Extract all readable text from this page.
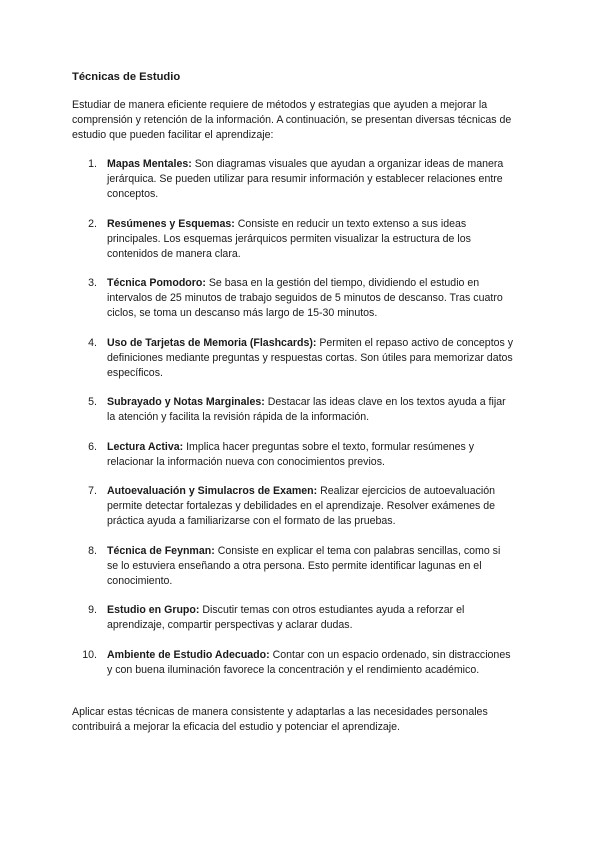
Técnicas de Estudio

Estudiar de manera eficiente requiere de métodos y estrategias que ayuden a mejorar la comprensión y retención de la información. A continuación, se presentan diversas técnicas de estudio que pueden facilitar el aprendizaje:

1. Mapas Mentales: Son diagramas visuales que ayudan a organizar ideas de manera jerárquica. Se pueden utilizar para resumir información y establecer relaciones entre conceptos.
2. Resúmenes y Esquemas: Consiste en reducir un texto extenso a sus ideas principales. Los esquemas jerárquicos permiten visualizar la estructura de los contenidos de manera clara.
3. Técnica Pomodoro: Se basa en la gestión del tiempo, dividiendo el estudio en intervalos de 25 minutos de trabajo seguidos de 5 minutos de descanso. Tras cuatro ciclos, se toma un descanso más largo de 15-30 minutos.
4. Uso de Tarjetas de Memoria (Flashcards): Permiten el repaso activo de conceptos y definiciones mediante preguntas y respuestas cortas. Son útiles para memorizar datos específicos.
5. Subrayado y Notas Marginales: Destacar las ideas clave en los textos ayuda a fijar la atención y facilita la revisión rápida de la información.
6. Lectura Activa: Implica hacer preguntas sobre el texto, formular resúmenes y relacionar la información nueva con conocimientos previos.
7. Autoevaluación y Simulacros de Examen: Realizar ejercicios de autoevaluación permite detectar fortalezas y debilidades en el aprendizaje. Resolver exámenes de práctica ayuda a familiarizarse con el formato de las pruebas.
8. Técnica de Feynman: Consiste en explicar el tema con palabras sencillas, como si se lo estuviera enseñando a otra persona. Esto permite identificar lagunas en el conocimiento.
9. Estudio en Grupo: Discutir temas con otros estudiantes ayuda a reforzar el aprendizaje, compartir perspectivas y aclarar dudas.
10. Ambiente de Estudio Adecuado: Contar con un espacio ordenado, sin distracciones y con buena iluminación favorece la concentración y el rendimiento académico.

Aplicar estas técnicas de manera consistente y adaptarlas a las necesidades personales contribuirá a mejorar la eficacia del estudio y potenciar el aprendizaje.
